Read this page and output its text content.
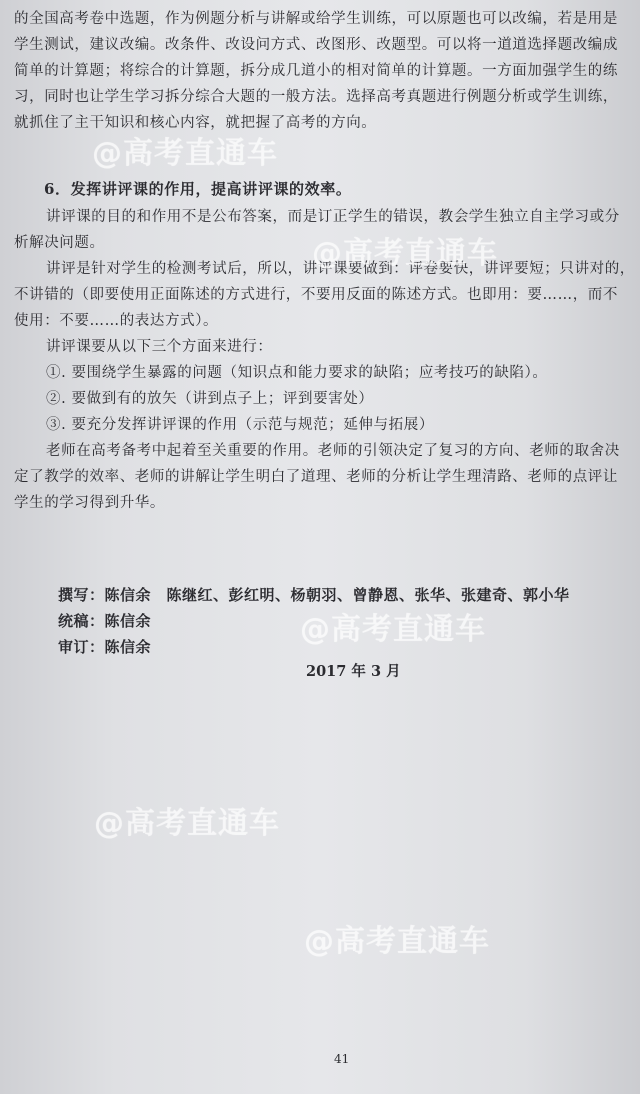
的全国高考卷中选题，作为例题分析与讲解或给学生训练，可以原题也可以改编，若是用是
学生测试，建议改编。改条件、改设问方式、改图形、改题型。可以将一道道选择题改编成
简单的计算题；将综合的计算题，拆分成几道小的相对简单的计算题。一方面加强学生的练
习，同时也让学生学习拆分综合大题的一般方法。选择高考真题进行例题分析或学生训练，
就抓住了主干知识和核心内容，就把握了高考的方向。
6．发挥讲评课的作用，提高讲评课的效率。
讲评课的目的和作用不是公布答案，而是订正学生的错误，教会学生独立自主学习或分
析解决问题。
讲评是针对学生的检测考试后，所以，讲评课要做到：评卷要快，讲评要短；只讲对的，
不讲错的（即要使用正面陈述的方式进行，不要用反面的陈述方式。也即用：要……，而不
使用：不要……的表达方式）。
讲评课要从以下三个方面来进行：
①. 要围绕学生暴露的问题（知识点和能力要求的缺陷；应考技巧的缺陷）。
②. 要做到有的放矢（讲到点子上；评到要害处）
③. 要充分发挥讲评课的作用（示范与规范；延伸与拓展）
老师在高考备考中起着至关重要的作用。老师的引领决定了复习的方向、老师的取舍决
定了教学的效率、老师的讲解让学生明白了道理、老师的分析让学生理清路、老师的点评让
学生的学习得到升华。
撰写：陈信余　陈继红、彭红明、杨朝羽、曾静恩、张华、张建奇、郭小华
统稿：陈信余
审订：陈信余
2017 年 3 月
@高考直通车
@高考直通车
@高考直通车
@高考直通车
@高考直通车
41
